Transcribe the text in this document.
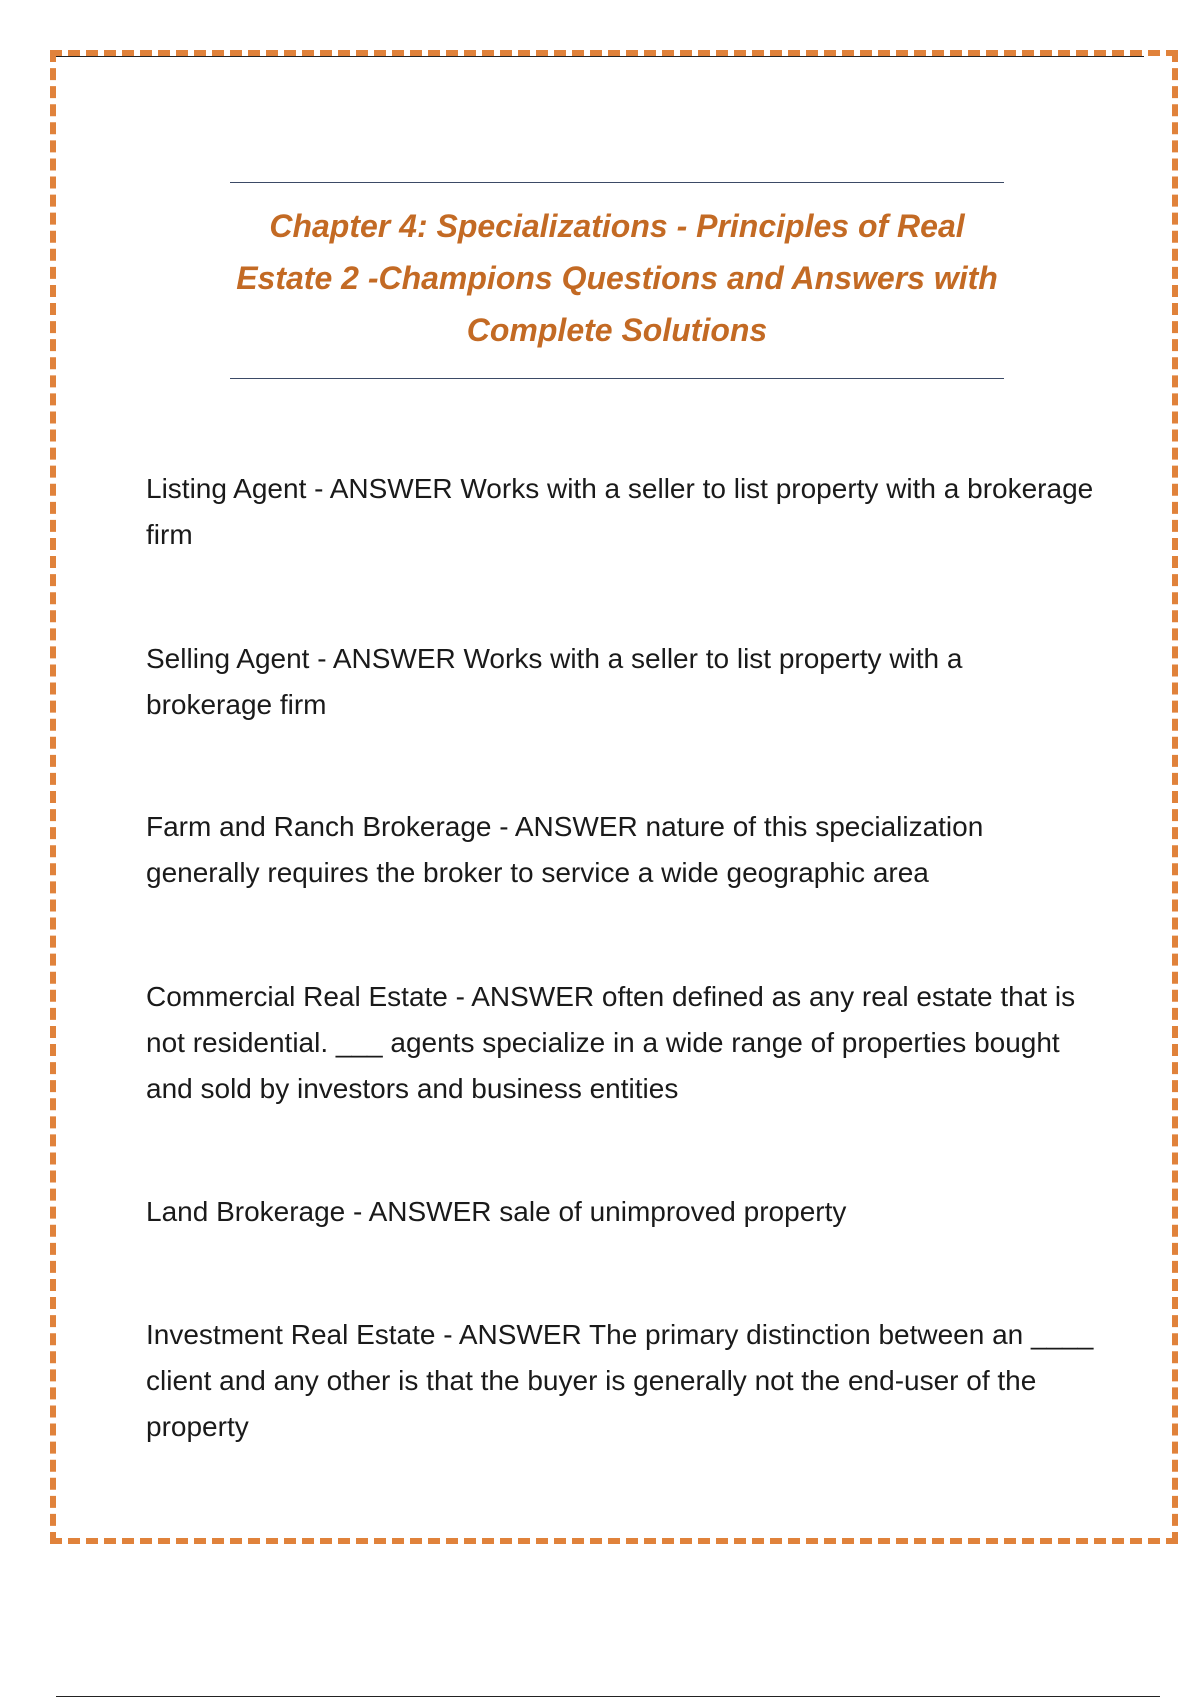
Chapter 4: Specializations - Principles of Real Estate 2 -Champions Questions and Answers with Complete Solutions
Listing Agent - ANSWER Works with a seller to list property with a brokerage firm
Selling Agent - ANSWER Works with a seller to list property with a brokerage firm
Farm and Ranch Brokerage - ANSWER nature of this specialization generally requires the broker to service a wide geographic area
Commercial Real Estate - ANSWER often defined as any real estate that is not residential. ___ agents specialize in a wide range of properties bought and sold by investors and business entities
Land Brokerage - ANSWER sale of unimproved property
Investment Real Estate - ANSWER The primary distinction between an ____ client and any other is that the buyer is generally not the end-user of the property
